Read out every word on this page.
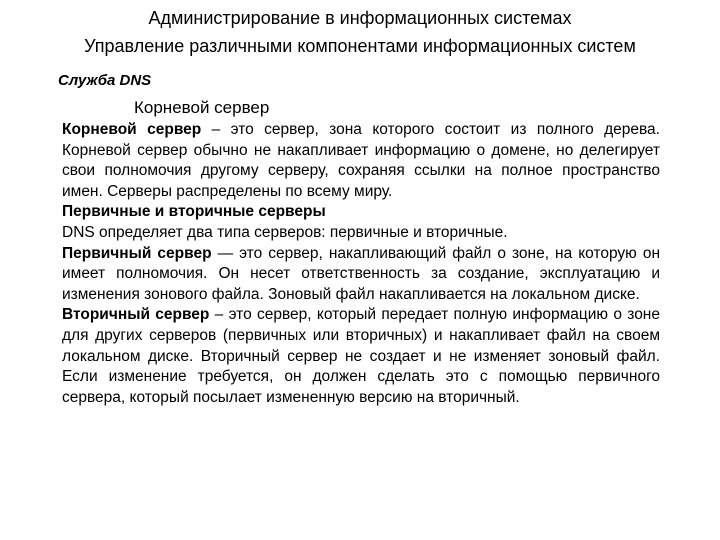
Администрирование в информационных системах
Управление различными компонентами информационных систем
Служба DNS
Корневой сервер

Корневой сервер – это сервер, зона которого состоит из полного дерева. Корневой сервер обычно не накапливает информацию о домене, но делегирует свои полномочия другому серверу, сохраняя ссылки на полное пространство имен. Серверы распределены по всему миру.

Первичные и вторичные серверы

DNS определяет два типа серверов: первичные и вторичные.

Первичный сервер — это сервер, накапливающий файл о зоне, на которую он имеет полномочия. Он несет ответственность за создание, эксплуатацию и изменения зонового файла. Зоновый файл накапливается на локальном диске.

Вторичный сервер – это сервер, который передает полную информацию о зоне для других серверов (первичных или вторичных) и накапливает файл на своем локальном диске. Вторичный сервер не создает и не изменяет зоновый файл. Если изменение требуется, он должен сделать это с помощью первичного сервера, который посылает измененную версию на вторичный.
